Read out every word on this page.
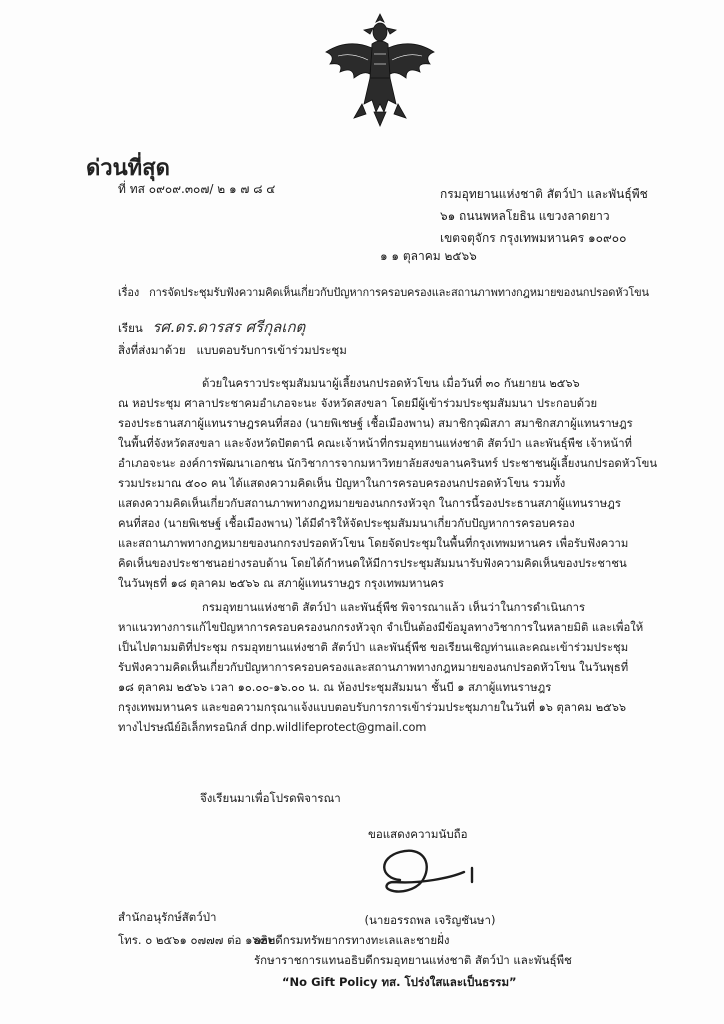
ด่วนที่สุด
ที่ ทส ๐๙๐๙.๓๐๗/ ๒ ๑ ๗ ๘ ๔	กรมอุทยานแห่งชาติ สัตว์ป่า และพันธุ์พืช
๖๑ ถนนพหลโยธิน แขวงลาดยาว
เขตจตุจักร กรุงเทพมหานคร ๑๐๙๐๐
๑ ๑ ตุลาคม ๒๕๖๖
เรื่อง การจัดประชุมรับฟังความคิดเห็นเกี่ยวกับปัญหาการครอบครองและสถานภาพทางกฎหมายของนกปรอดหัวโขน
เรียน รศ.ดร.ดารสร ศรีกุลเกตุ
สิ่งที่ส่งมาด้วย แบบตอบรับการเข้าร่วมประชุม
ด้วยในคราวประชุมสัมมนาผู้เลี้ยงนกปรอดหัวโขน เมื่อวันที่ ๓๐ กันยายน ๒๕๖๖
ณ หอประชุม ศาลาประชาคมอำเภอจะนะ จังหวัดสงขลา โดยมีผู้เข้าร่วมประชุมสัมมนา ประกอบด้วย
รองประธานสภาผู้แทนราษฎรคนที่สอง (นายพิเชษฐ์ เชื้อเมืองพาน) สมาชิกวุฒิสภา สมาชิกสภาผู้แทนราษฎร
ในพื้นที่จังหวัดสงขลา และจังหวัดปัตตานี คณะเจ้าหน้าที่กรมอุทยานแห่งชาติ สัตว์ป่า และพันธุ์พืช เจ้าหน้าที่
อำเภอจะนะ องค์การพัฒนาเอกชน นักวิชาการจากมหาวิทยาลัยสงขลานครินทร์ ประชาชนผู้เลี้ยงนกปรอดหัวโขน
รวมประมาณ ๕๐๐ คน ได้แสดงความคิดเห็น ปัญหาในการครอบครองนกปรอดหัวโขน รวมทั้ง
แสดงความคิดเห็นเกี่ยวกับสถานภาพทางกฎหมายของนกกรงหัวจุก ในการนี้รองประธานสภาผู้แทนราษฎร
คนที่สอง (นายพิเชษฐ์ เชื้อเมืองพาน) ได้มีดำริให้จัดประชุมสัมมนาเกี่ยวกับปัญหาการครอบครอง
และสถานภาพทางกฎหมายของนกกรงปรอดหัวโขน โดยจัดประชุมในพื้นที่กรุงเทพมหานคร เพื่อรับฟังความ
คิดเห็นของประชาชนอย่างรอบด้าน โดยได้กำหนดให้มีการประชุมสัมมนารับฟังความคิดเห็นของประชาชน
ในวันพุธที่ ๑๘ ตุลาคม ๒๕๖๖ ณ สภาผู้แทนราษฎร กรุงเทพมหานคร
กรมอุทยานแห่งชาติ สัตว์ป่า และพันธุ์พืช พิจารณาแล้ว เห็นว่าในการดำเนินการ
หาแนวทางการแก้ไขปัญหาการครอบครองนกกรงหัวจุก จำเป็นต้องมีข้อมูลทางวิชาการในหลายมิติ และเพื่อให้
เป็นไปตามมติที่ประชุม กรมอุทยานแห่งชาติ สัตว์ป่า และพันธุ์พืช ขอเรียนเชิญท่านและคณะเข้าร่วมประชุม
รับฟังความคิดเห็นเกี่ยวกับปัญหาการครอบครองและสถานภาพทางกฎหมายของนกปรอดหัวโขน ในวันพุธที่
๑๘ ตุลาคม ๒๕๖๖ เวลา ๑๐.๐๐-๑๖.๐๐ น. ณ ห้องประชุมสัมมนา ชั้นบี ๑ สภาผู้แทนราษฎร
กรุงเทพมหานคร และขอความกรุณาแจ้งแบบตอบรับการการเข้าร่วมประชุมภายในวันที่ ๑๖ ตุลาคม ๒๕๖๖
ทางไปรษณีย์อิเล็กทรอนิกส์ dnp.wildlifeprotect@gmail.com
จึงเรียนมาเพื่อโปรดพิจารณา
ขอแสดงความนับถือ
(นายอรรถพล เจริญชันษา)
อธิบดีกรมทรัพยากรทางทะเลและชายฝั่ง
รักษาราชการแทนอธิบดีกรมอุทยานแห่งชาติ สัตว์ป่า และพันธุ์พืช
“No Gift Policy ทส. โปร่งใสและเป็นธรรม”
สำนักอนุรักษ์สัตว์ป่า
โทร. ๐ ๒๕๖๑ ๐๗๗๗ ต่อ ๑๖๓๒
